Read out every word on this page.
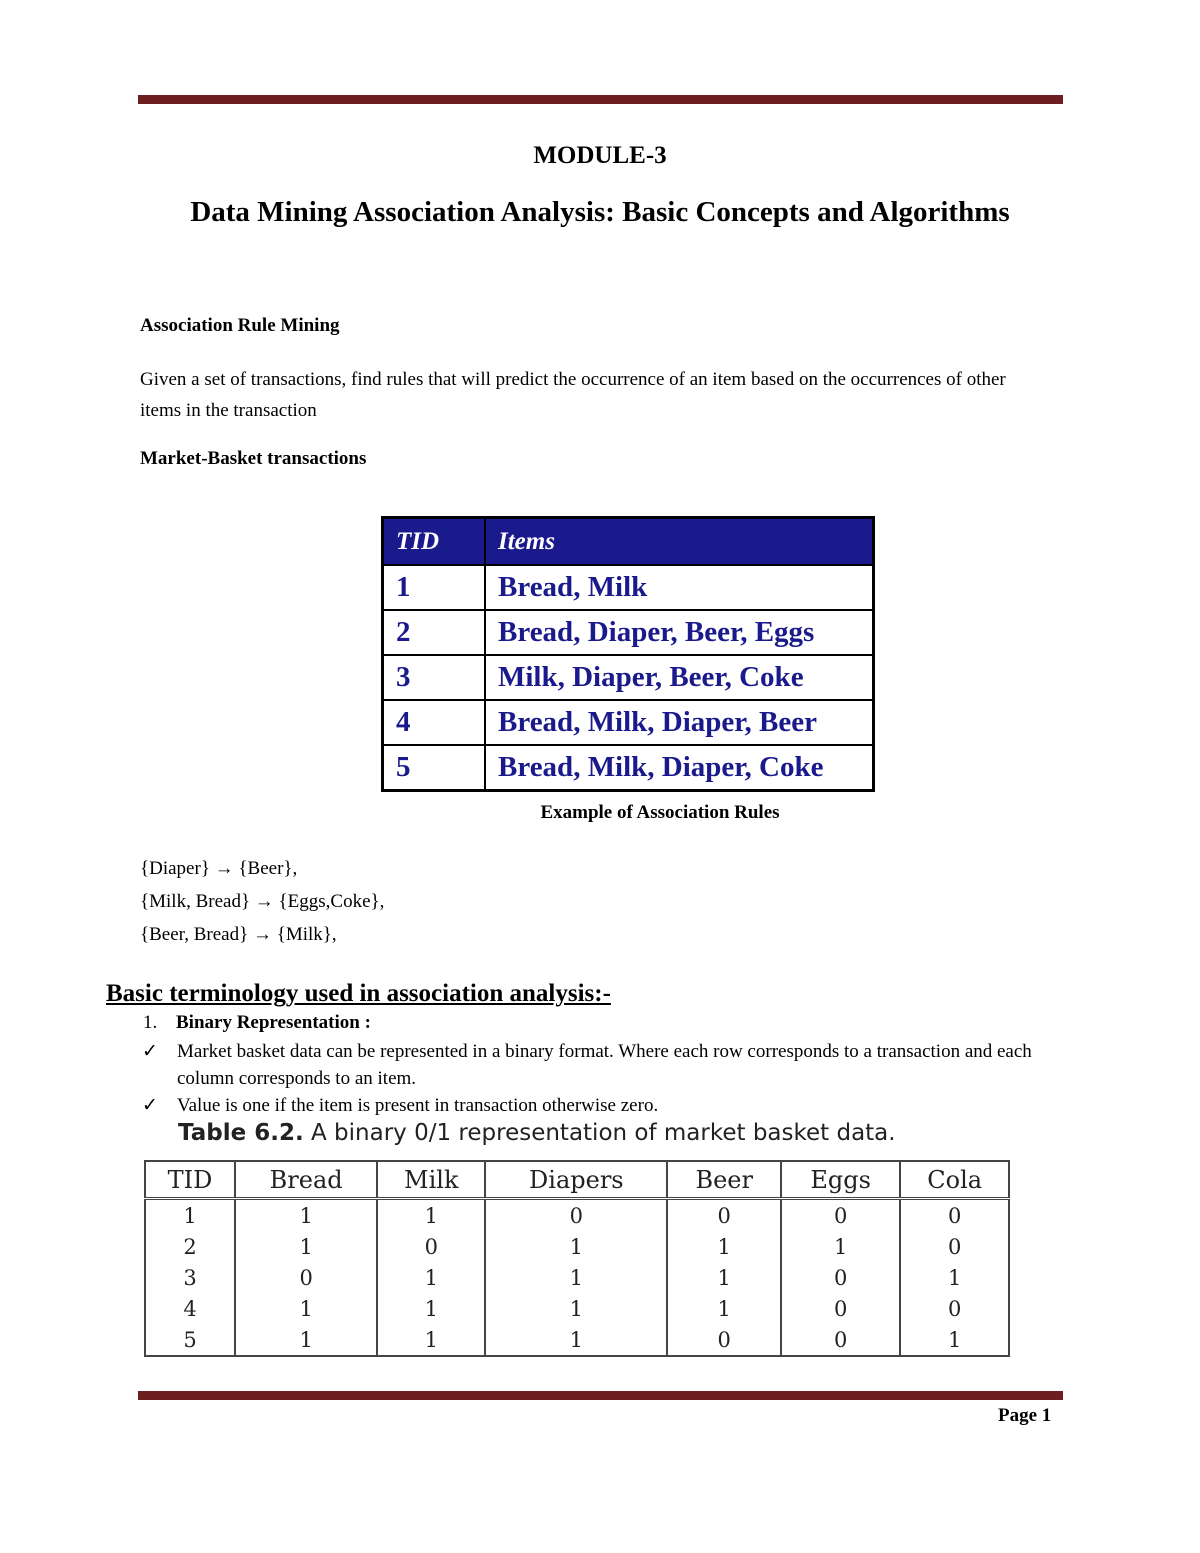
MODULE-3
Data Mining Association Analysis: Basic Concepts and Algorithms
Association Rule Mining
Given a set of transactions, find rules that will predict the occurrence of an item based on the occurrences of other items in the transaction
Market-Basket transactions
TID	Items
1	Bread, Milk
2	Bread, Diaper, Beer, Eggs
3	Milk, Diaper, Beer, Coke
4	Bread, Milk, Diaper, Beer
5	Bread, Milk, Diaper, Coke
Example of Association Rules
{Diaper} → {Beer},
{Milk, Bread} → {Eggs,Coke},
{Beer, Bread} → {Milk},
Basic terminology used in association analysis:-
1. Binary Representation :
✓ Market basket data can be represented in a binary format. Where each row corresponds to a transaction and each column corresponds to an item.
✓ Value is one if the item is present in transaction otherwise zero.
Table 6.2. A binary 0/1 representation of market basket data.
TID	Bread	Milk	Diapers	Beer	Eggs	Cola
1	1	1	0	0	0	0
2	1	0	1	1	1	0
3	0	1	1	1	0	1
4	1	1	1	1	0	0
5	1	1	1	0	0	1
Page 1
